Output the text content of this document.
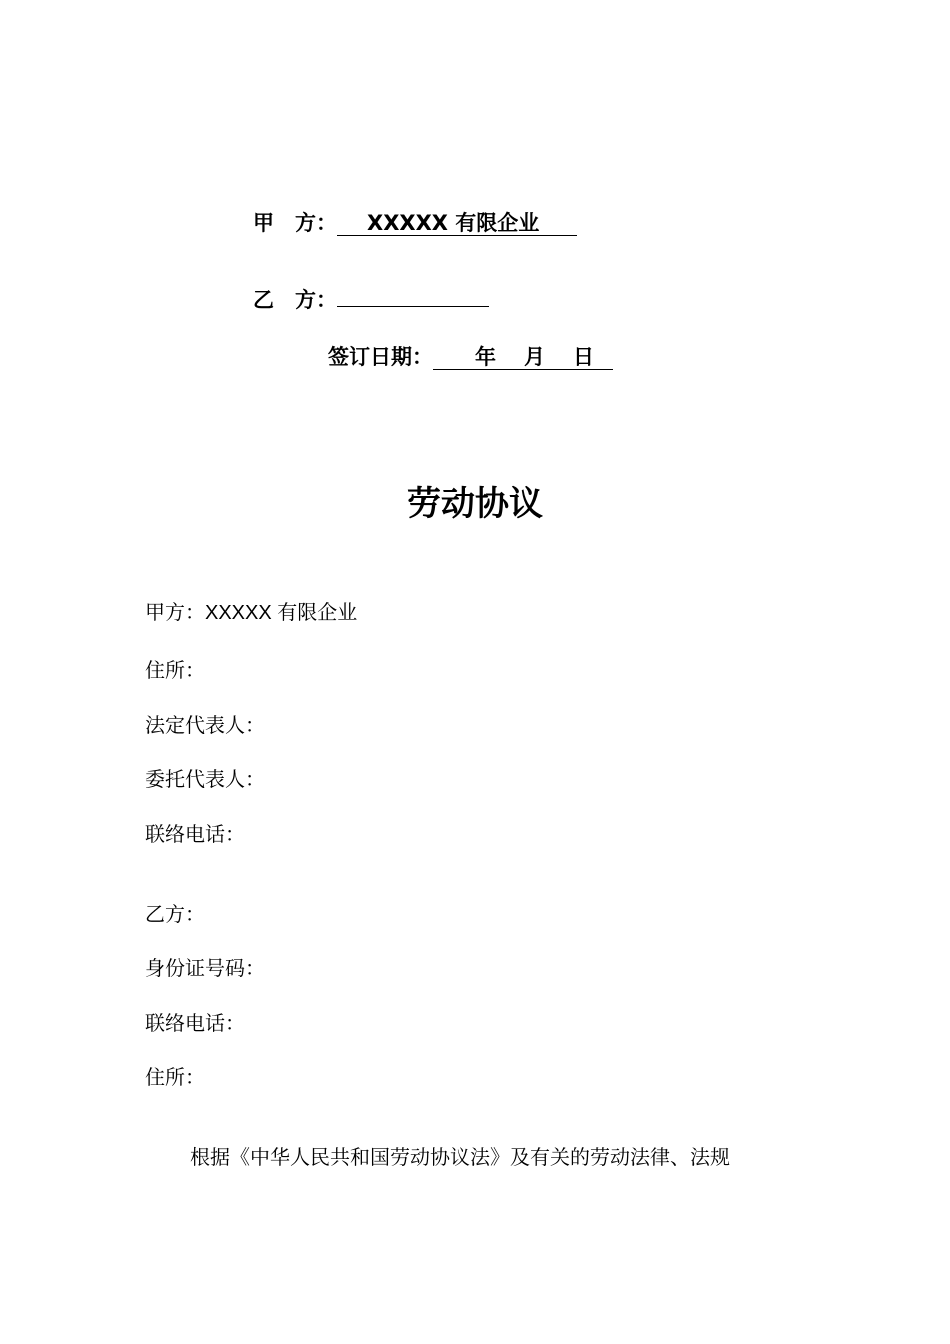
甲　方： XXXXX 有限企业
乙　方：
签订日期： 年 月 日
劳动协议
甲方：XXXXX 有限企业
住所：
法定代表人：
委托代表人：
联络电话：
乙方：
身份证号码：
联络电话：
住所：
根据《中华人民共和国劳动协议法》及有关的劳动法律、法规
